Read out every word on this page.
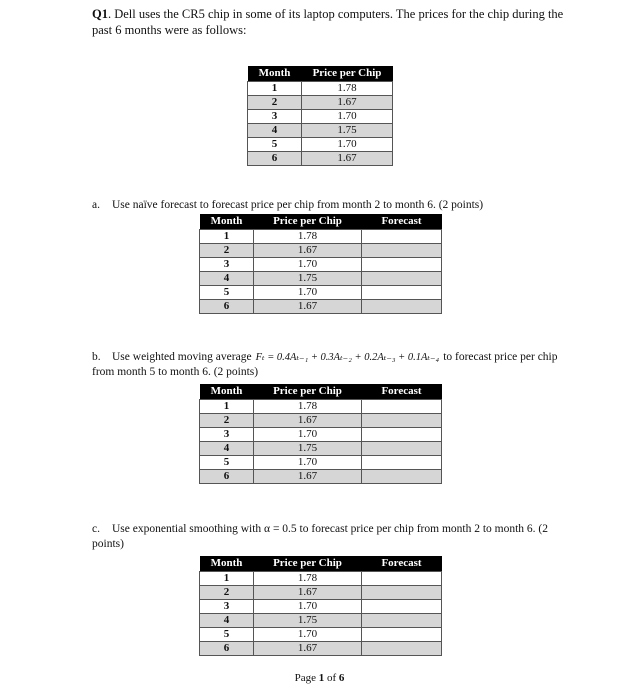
Q1. Dell uses the CR5 chip in some of its laptop computers. The prices for the chip during the past 6 months were as follows:
Month	Price per Chip
1	1.78
2	1.67
3	1.70
4	1.75
5	1.70
6	1.67
a. Use naïve forecast to forecast price per chip from month 2 to month 6. (2 points)
Month	Price per Chip	Forecast
1	1.78	
2	1.67	
3	1.70	
4	1.75	
5	1.70	
6	1.67	
b. Use weighted moving average Fₜ = 0.4Aₜ₋₁ + 0.3Aₜ₋₂ + 0.2Aₜ₋₃ + 0.1Aₜ₋₄ to forecast price per chip from month 5 to month 6. (2 points)
Month	Price per Chip	Forecast
1	1.78	
2	1.67	
3	1.70	
4	1.75	
5	1.70	
6	1.67	
c. Use exponential smoothing with α = 0.5 to forecast price per chip from month 2 to month 6. (2 points)
Month	Price per Chip	Forecast
1	1.78	
2	1.67	
3	1.70	
4	1.75	
5	1.70	
6	1.67	
Page 1 of 6
